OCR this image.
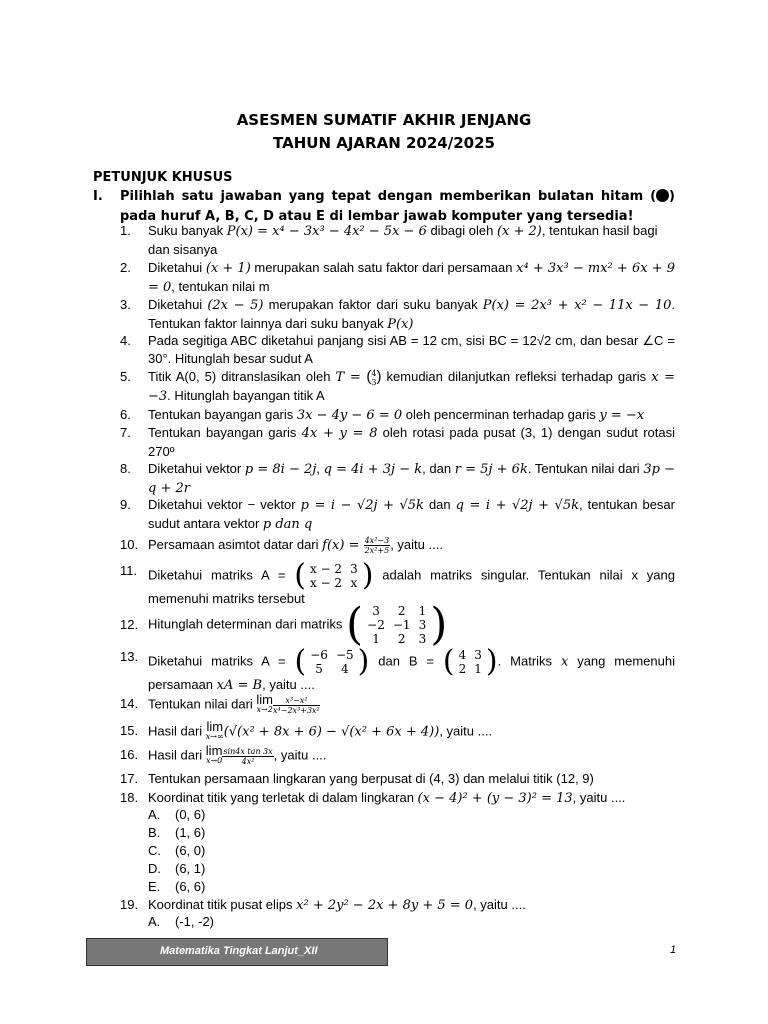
ASESMEN SUMATIF AKHIR JENJANG
TAHUN AJARAN 2024/2025
PETUNJUK KHUSUS
I. Pilihlah satu jawaban yang tepat dengan memberikan bulatan hitam ( ) pada huruf A, B, C, D atau E di lembar jawab komputer yang tersedia!
1. Suku banyak P(x) = x⁴ − 3x³ − 4x² − 5x − 6 dibagi oleh (x + 2), tentukan hasil bagi dan sisanya
2. Diketahui (x + 1) merupakan salah satu faktor dari persamaan x⁴ + 3x³ − mx² + 6x + 9 = 0, tentukan nilai m
3. Diketahui (2x − 5) merupakan faktor dari suku banyak P(x) = 2x³ + x² − 11x − 10. Tentukan faktor lainnya dari suku banyak P(x)
4. Pada segitiga ABC diketahui panjang sisi AB = 12 cm, sisi BC = 12√2 cm, dan besar ∠C = 30°. Hitunglah besar sudut A
5. Titik A(0, 5) ditranslasikan oleh T = (4
3 ) kemudian dilanjutkan refleksi terhadap garis x = −3. Hitunglah bayangan titik A
6. Tentukan bayangan garis 3x − 4y − 6 = 0 oleh pencerminan terhadap garis y = −x
7. Tentukan bayangan garis 4x + y = 8 oleh rotasi pada pusat (3, 1) dengan sudut rotasi 270º
8. Diketahui vektor p = 8i − 2j, q = 4i + 3j − k, dan r = 5j + 6k. Tentukan nilai dari 3p − q + 2r
9. Diketahui vektor − vektor p = i − √2j + √5k dan q = i + √2j + √5k, tentukan besar sudut antara vektor p dan q
10. Persamaan asimtot datar dari $f(x) = \frac{\text{4x²−3}}{\text{2x²+5}}$ , yaitu ....
11. Diketahui matriks A = ( x − 2	3
x − 2	x ) adalah matriks singular. Tentukan nilai x yang memenuhi matriks tersebut
12. Hitunglah determinan dari matriks ( 3	2	1
−2	−1	3
1	2	3 )
13. Diketahui matriks A = ( −6	−5
5	4 ) dan B = ( 4	3
2	1 ). Matriks x yang memenuhi persamaan xA = B, yaitu ....
14. Tentukan nilai dari lim
$x\to 2 \frac{\text{x³−x²}}{\text{x⁴−2x³+3x²}}$
15. Hasil dari lim
x→∞ (√(x² + 8x + 6) − √(x² + 6x + 4)), yaitu ....
16. Hasil dari lim
$x\to 0 \frac{\text{sin4x tan 3x}}{\text{4x²}}$ , yaitu ....
17. Tentukan persamaan lingkaran yang berpusat di (4, 3) dan melalui titik (12, 9)
18. Koordinat titik yang terletak di dalam lingkaran (x − 4)² + (y − 3)² = 13, yaitu ....
A. (0, 6)
B. (1, 6)
C. (6, 0)
D. (6, 1)
E. (6, 6)
19. Koordinat titik pusat elips x² + 2y² − 2x + 8y + 5 = 0, yaitu ....
A. (-1, -2)
Matematika Tingkat Lanjut_XII	1
